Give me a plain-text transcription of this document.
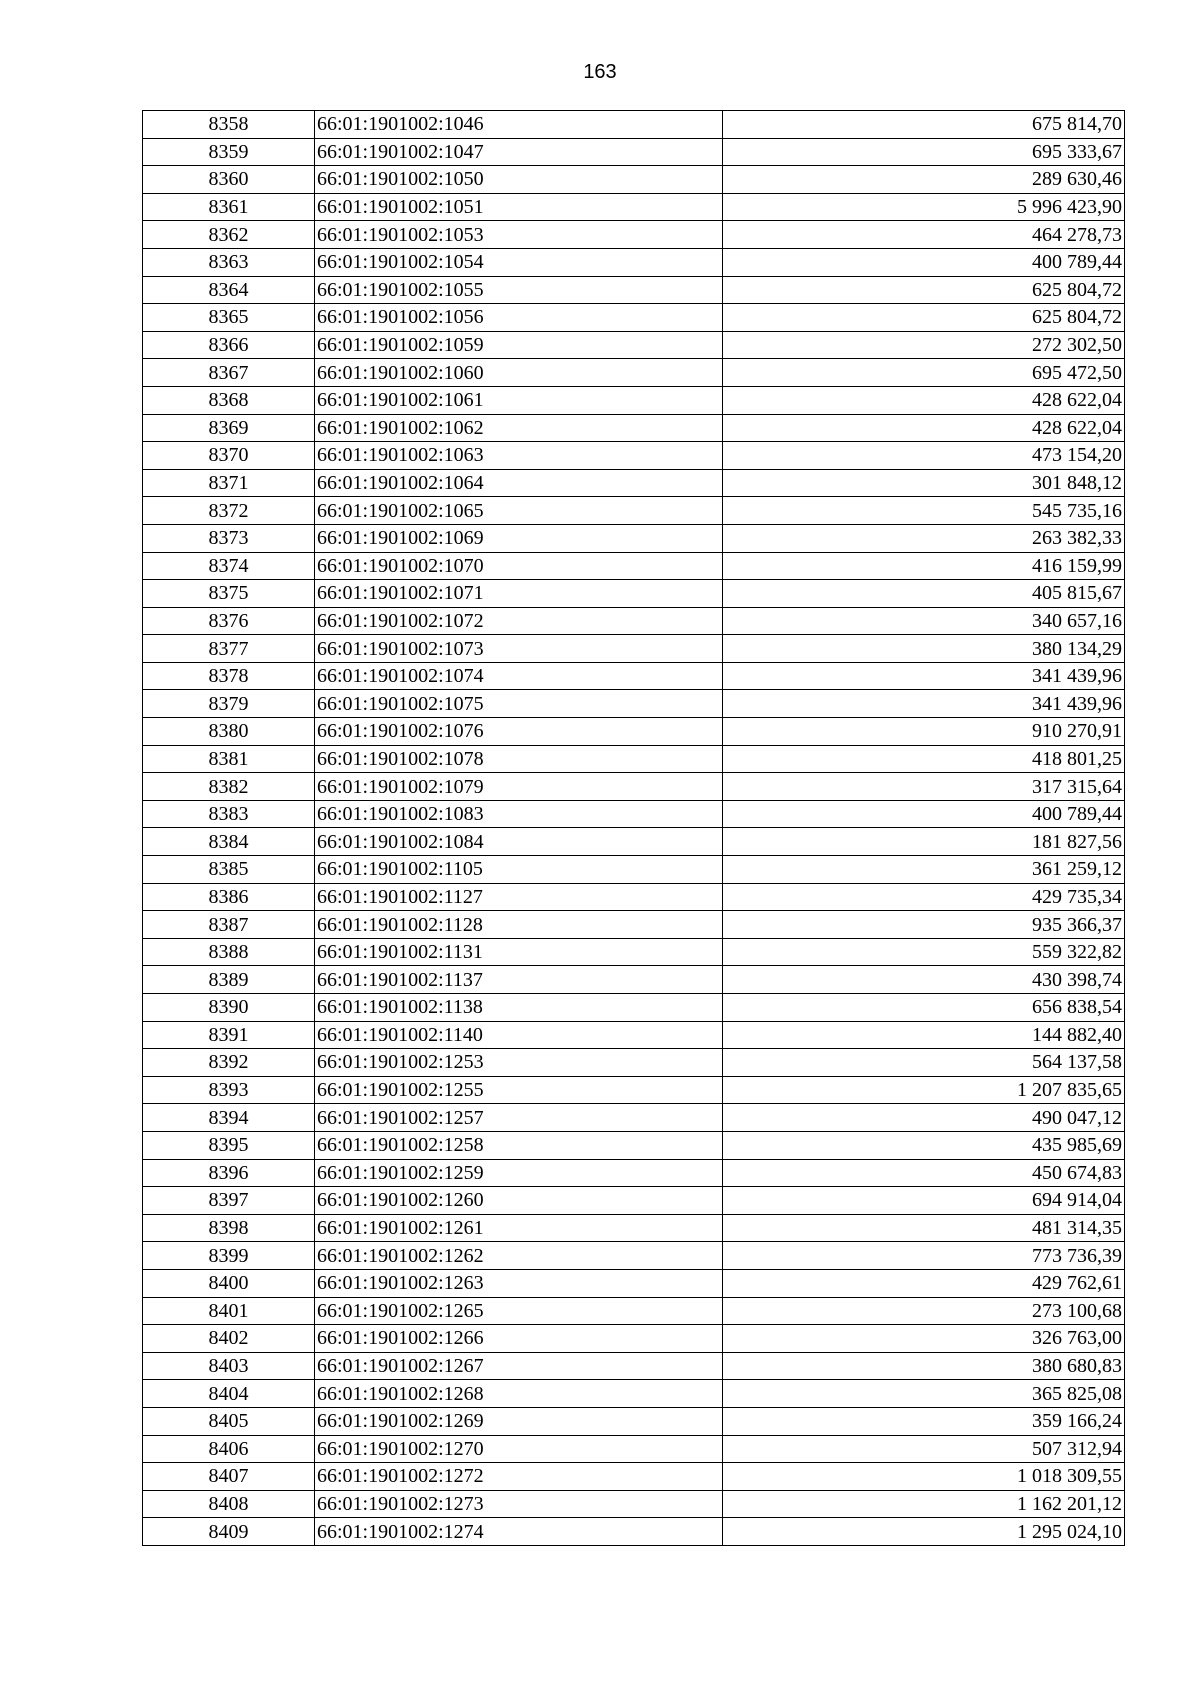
163
8358	66:01:1901002:1046	675 814,70
8359	66:01:1901002:1047	695 333,67
8360	66:01:1901002:1050	289 630,46
8361	66:01:1901002:1051	5 996 423,90
8362	66:01:1901002:1053	464 278,73
8363	66:01:1901002:1054	400 789,44
8364	66:01:1901002:1055	625 804,72
8365	66:01:1901002:1056	625 804,72
8366	66:01:1901002:1059	272 302,50
8367	66:01:1901002:1060	695 472,50
8368	66:01:1901002:1061	428 622,04
8369	66:01:1901002:1062	428 622,04
8370	66:01:1901002:1063	473 154,20
8371	66:01:1901002:1064	301 848,12
8372	66:01:1901002:1065	545 735,16
8373	66:01:1901002:1069	263 382,33
8374	66:01:1901002:1070	416 159,99
8375	66:01:1901002:1071	405 815,67
8376	66:01:1901002:1072	340 657,16
8377	66:01:1901002:1073	380 134,29
8378	66:01:1901002:1074	341 439,96
8379	66:01:1901002:1075	341 439,96
8380	66:01:1901002:1076	910 270,91
8381	66:01:1901002:1078	418 801,25
8382	66:01:1901002:1079	317 315,64
8383	66:01:1901002:1083	400 789,44
8384	66:01:1901002:1084	181 827,56
8385	66:01:1901002:1105	361 259,12
8386	66:01:1901002:1127	429 735,34
8387	66:01:1901002:1128	935 366,37
8388	66:01:1901002:1131	559 322,82
8389	66:01:1901002:1137	430 398,74
8390	66:01:1901002:1138	656 838,54
8391	66:01:1901002:1140	144 882,40
8392	66:01:1901002:1253	564 137,58
8393	66:01:1901002:1255	1 207 835,65
8394	66:01:1901002:1257	490 047,12
8395	66:01:1901002:1258	435 985,69
8396	66:01:1901002:1259	450 674,83
8397	66:01:1901002:1260	694 914,04
8398	66:01:1901002:1261	481 314,35
8399	66:01:1901002:1262	773 736,39
8400	66:01:1901002:1263	429 762,61
8401	66:01:1901002:1265	273 100,68
8402	66:01:1901002:1266	326 763,00
8403	66:01:1901002:1267	380 680,83
8404	66:01:1901002:1268	365 825,08
8405	66:01:1901002:1269	359 166,24
8406	66:01:1901002:1270	507 312,94
8407	66:01:1901002:1272	1 018 309,55
8408	66:01:1901002:1273	1 162 201,12
8409	66:01:1901002:1274	1 295 024,10
